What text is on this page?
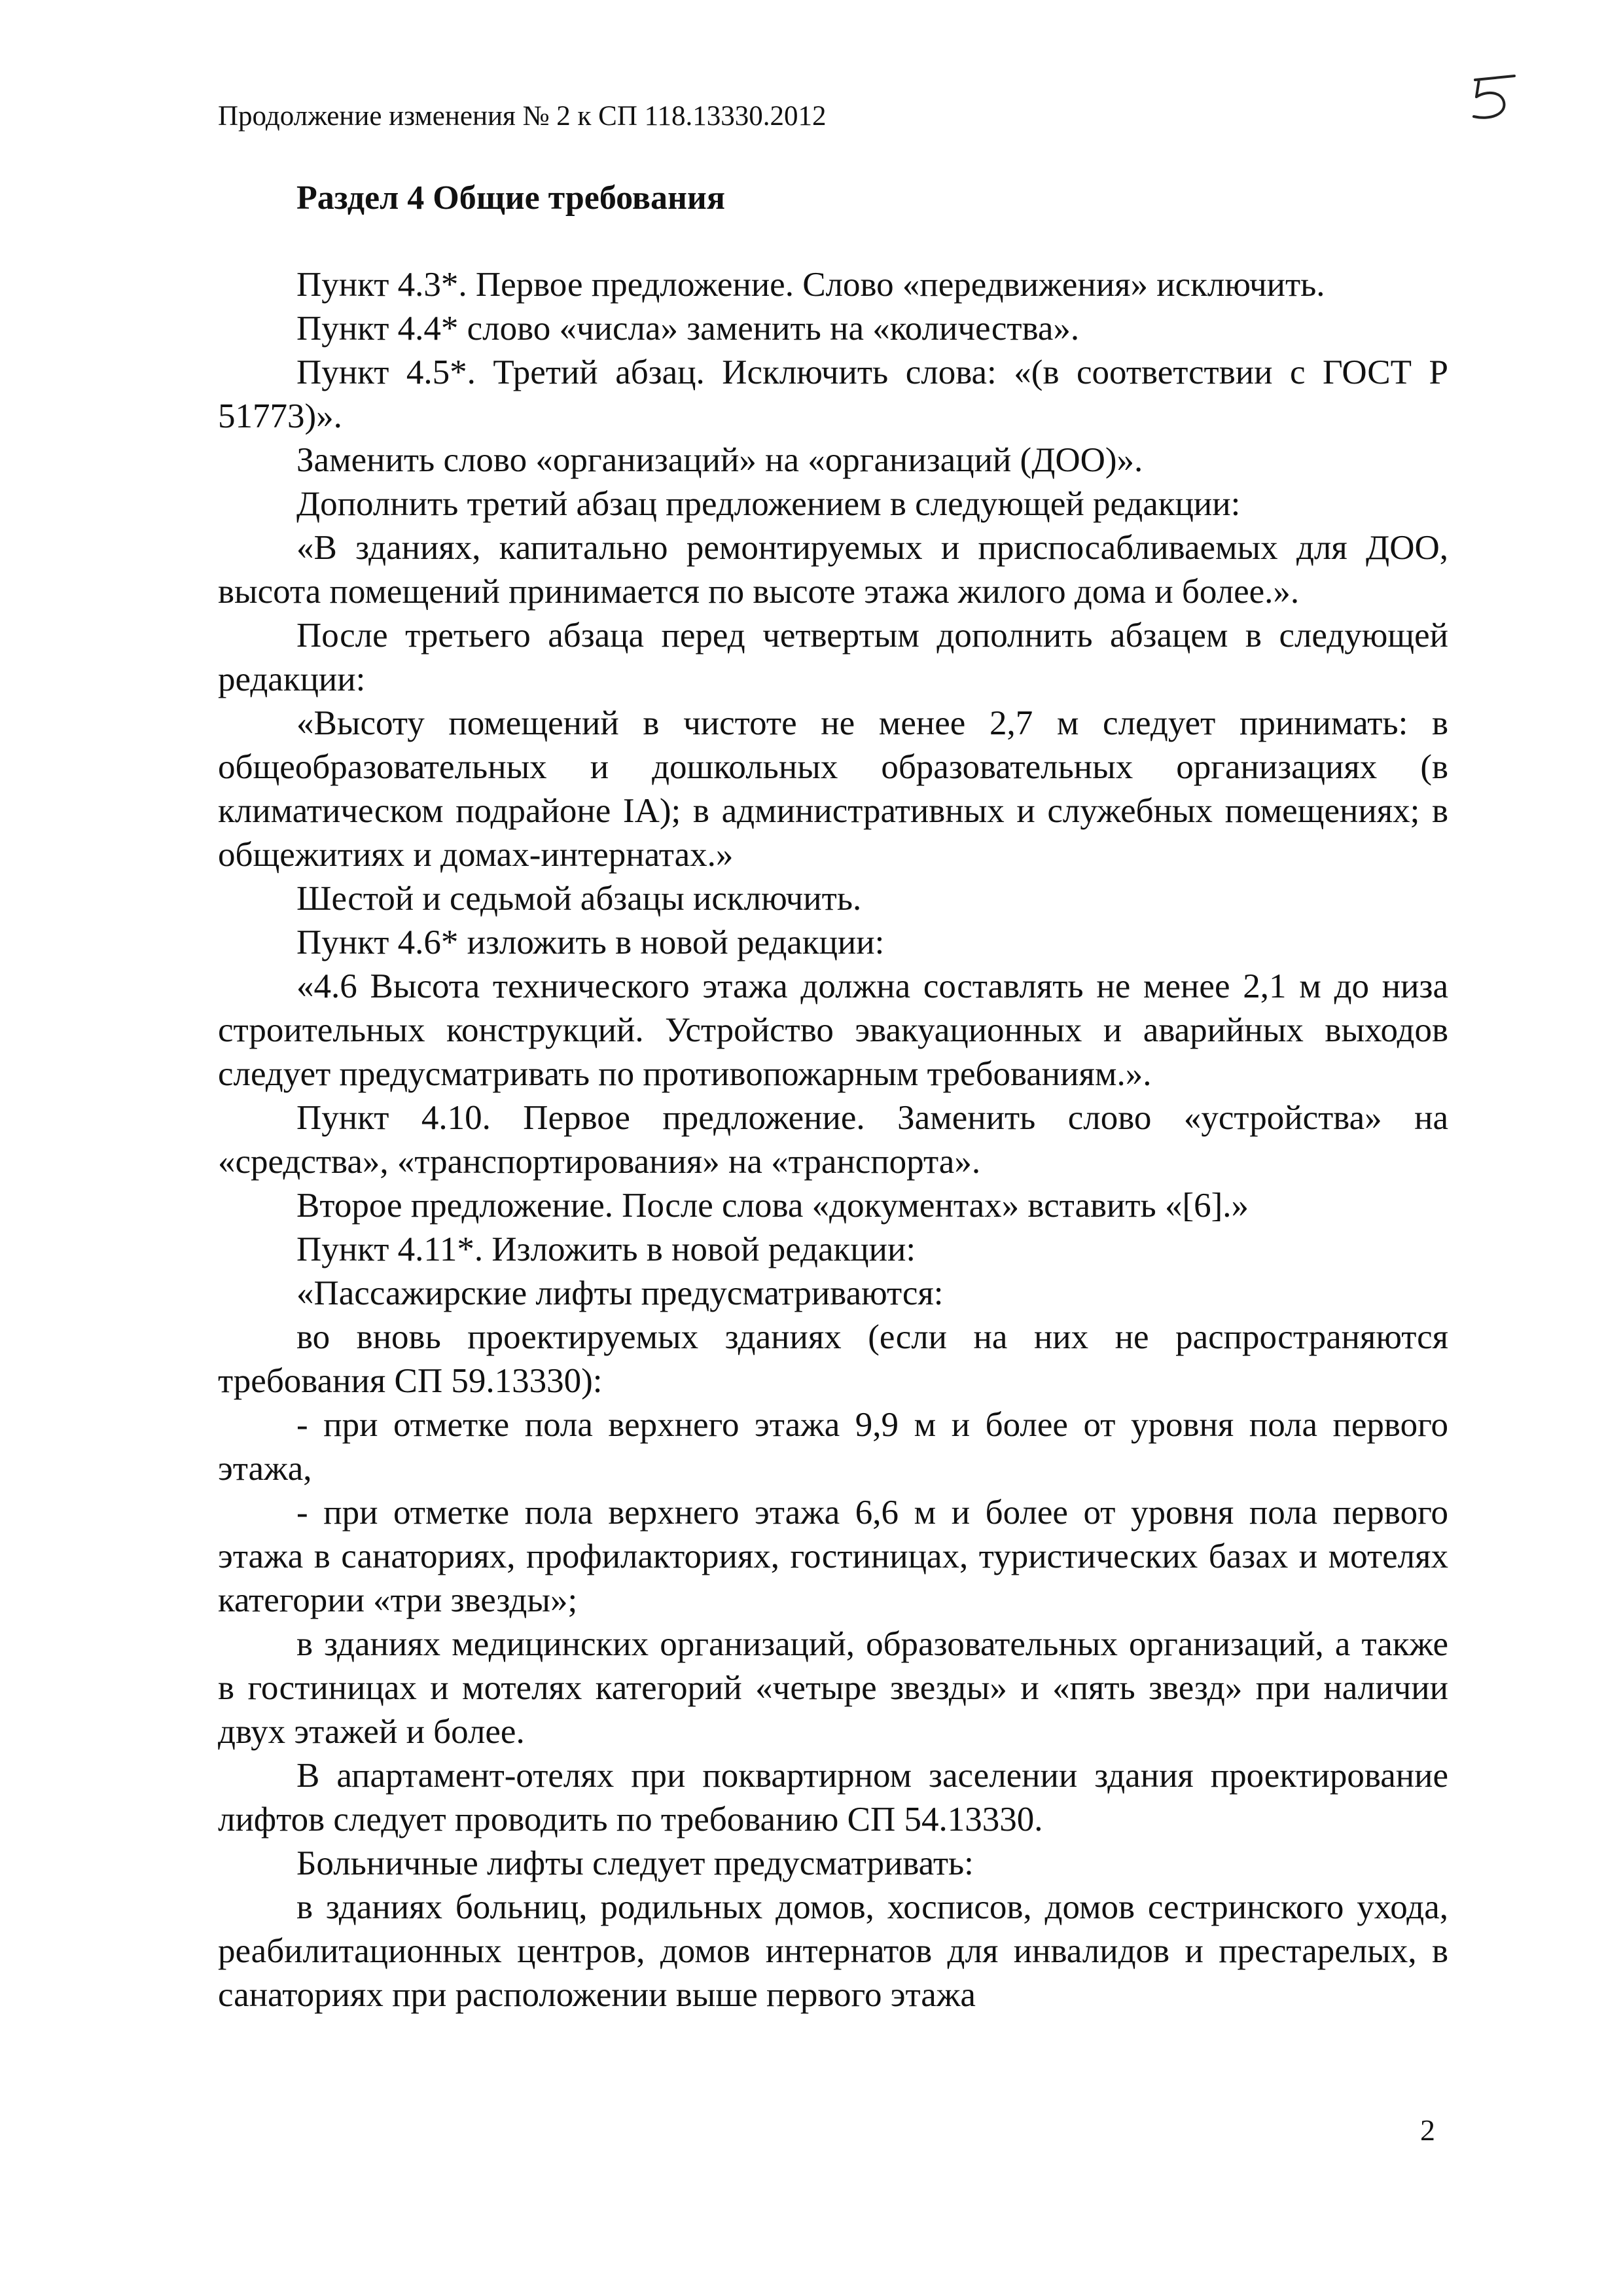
Продолжение изменения № 2 к СП 118.13330.2012
Раздел 4 Общие требования

Пункт 4.3*. Первое предложение. Слово «передвижения» исключить.

Пункт 4.4* слово «числа» заменить на «количества».

Пункт 4.5*. Третий абзац. Исключить слова: «(в соответствии с ГОСТ Р 51773)».

Заменить слово «организаций» на «организаций (ДОО)».

Дополнить третий абзац предложением в следующей редакции:

«В зданиях, капитально ремонтируемых и приспосабливаемых для ДОО, высота помещений принимается по высоте этажа жилого дома и более.».

После третьего абзаца перед четвертым дополнить абзацем в следующей редакции:

«Высоту помещений в чистоте не менее 2,7 м следует принимать: в общеобразовательных и дошкольных образовательных организациях (в климатическом подрайоне IА); в административных и служебных помещениях; в общежитиях и домах-интернатах.»

Шестой и седьмой абзацы исключить.

Пункт 4.6* изложить в новой редакции:

«4.6 Высота технического этажа должна составлять не менее 2,1 м до низа строительных конструкций. Устройство эвакуационных и аварийных выходов следует предусматривать по противопожарным требованиям.».

Пункт 4.10. Первое предложение. Заменить слово «устройства» на «средства», «транспортирования» на «транспорта».

Второе предложение. После слова «документах» вставить «[6].»

Пункт 4.11*. Изложить в новой редакции:

«Пассажирские лифты предусматриваются:

во вновь проектируемых зданиях (если на них не распространяются требования СП 59.13330):

- при отметке пола верхнего этажа 9,9 м и более от уровня пола первого этажа,

- при отметке пола верхнего этажа 6,6 м и более от уровня пола первого этажа в санаториях, профилакториях, гостиницах, туристических базах и мотелях категории «три звезды»;

в зданиях медицинских организаций, образовательных организаций, а также в гостиницах и мотелях категорий «четыре звезды» и «пять звезд» при наличии двух этажей и более.

В апартамент-отелях при поквартирном заселении здания проектирование лифтов следует проводить по требованию СП 54.13330.

Больничные лифты следует предусматривать:

в зданиях больниц, родильных домов, хосписов, домов сестринского ухода, реабилитационных центров, домов интернатов для инвалидов и престарелых, в санаториях при расположении выше первого этажа

2
